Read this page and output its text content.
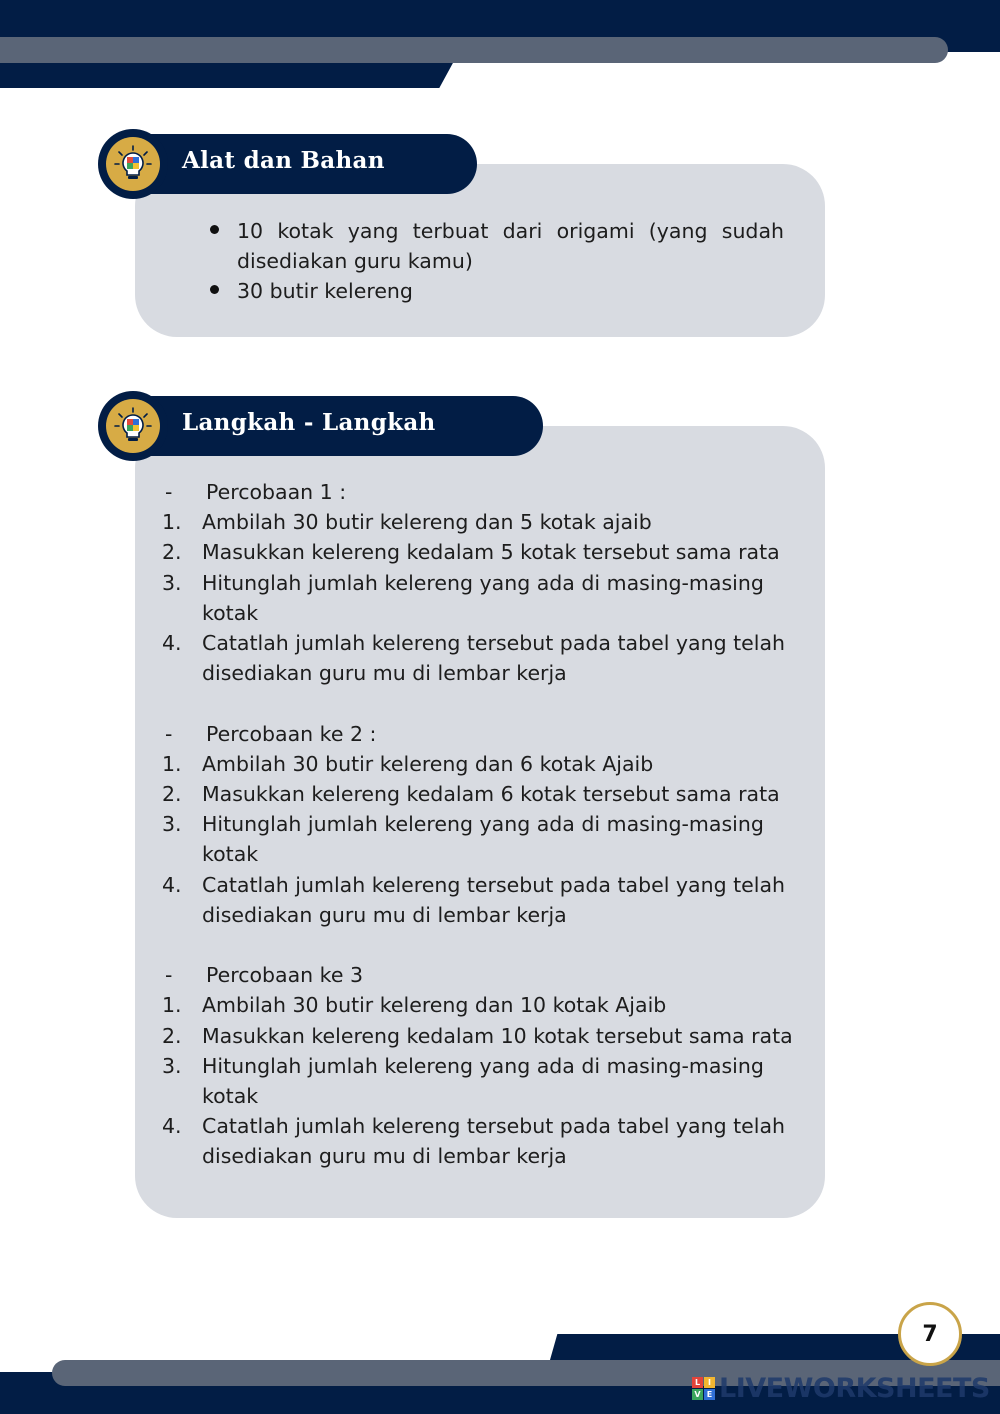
Alat dan Bahan
10 kotak yang terbuat dari origami (yang sudah disediakan guru kamu)
30 butir kelereng
Langkah - Langkah
- Percobaan 1 :
1. Ambilah 30 butir kelereng dan 5 kotak ajaib
2. Masukkan kelereng kedalam 5 kotak tersebut sama rata
3. Hitunglah jumlah kelereng yang ada di masing-masing
kotak
4. Catatlah jumlah kelereng tersebut pada tabel yang telah
disediakan guru mu di lembar kerja
- Percobaan ke 2 :
1. Ambilah 30 butir kelereng dan 6 kotak Ajaib
2. Masukkan kelereng kedalam 6 kotak tersebut sama rata
3. Hitunglah jumlah kelereng yang ada di masing-masing
kotak
4. Catatlah jumlah kelereng tersebut pada tabel yang telah
disediakan guru mu di lembar kerja
- Percobaan ke 3
1. Ambilah 30 butir kelereng dan 10 kotak Ajaib
2. Masukkan kelereng kedalam 10 kotak tersebut sama rata
3. Hitunglah jumlah kelereng yang ada di masing-masing
kotak
4. Catatlah jumlah kelereng tersebut pada tabel yang telah
disediakan guru mu di lembar kerja
7
L I
V E LIVEWORKSHEETS
